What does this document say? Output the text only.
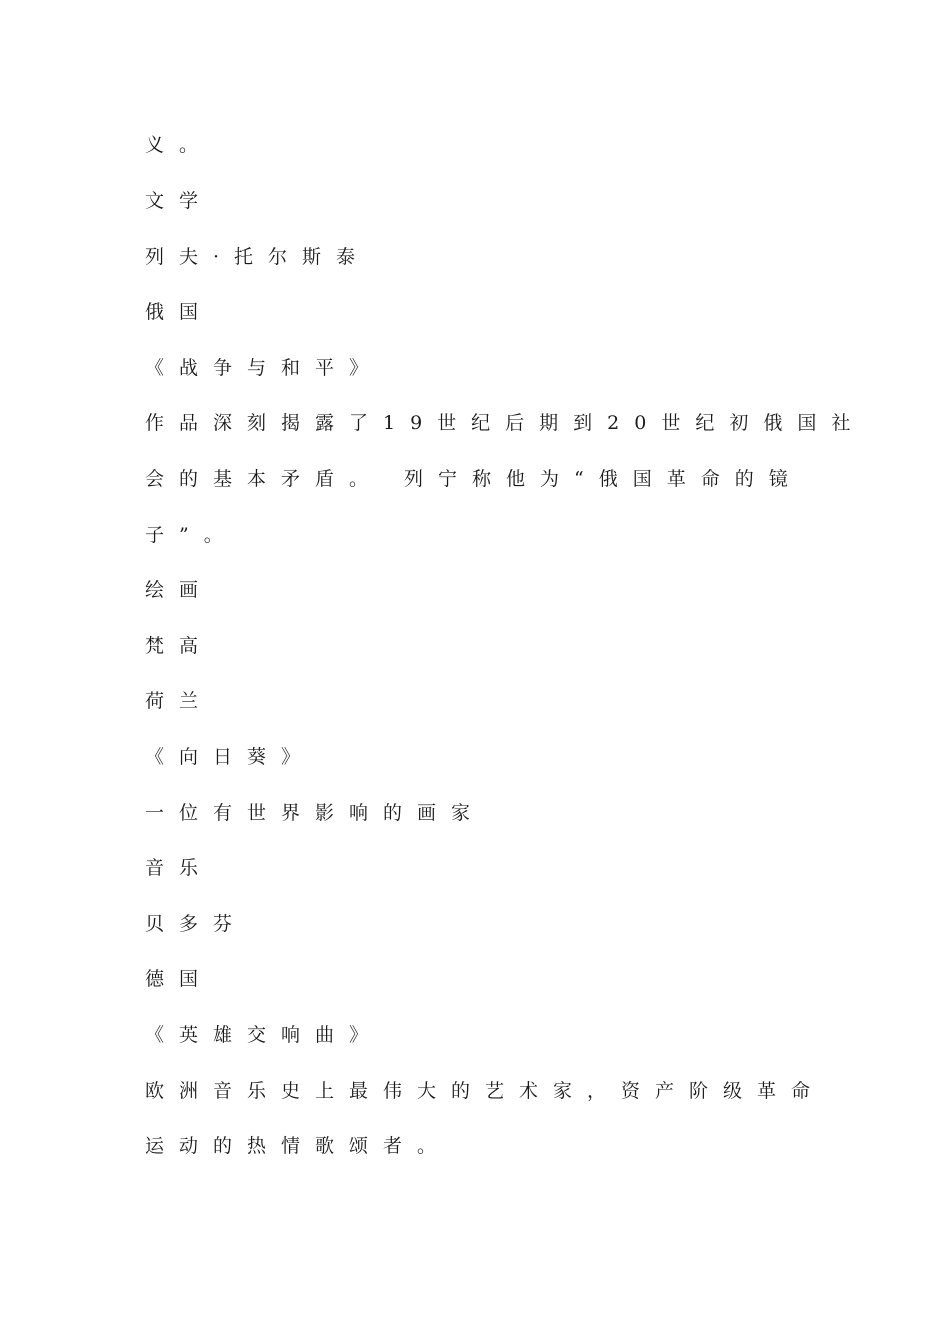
义。
文学
列夫·托尔斯泰
俄国
《战争与和平》
作品深刻揭露了19世纪后期到20世纪初俄国社
会的基本矛盾。 列宁称他为“俄国革命的镜
子”。
绘画
梵高
荷兰
《向日葵》
一位有世界影响的画家
音乐
贝多芬
德国
《英雄交响曲》
欧洲音乐史上最伟大的艺术家，资产阶级革命
运动的热情歌颂者。
